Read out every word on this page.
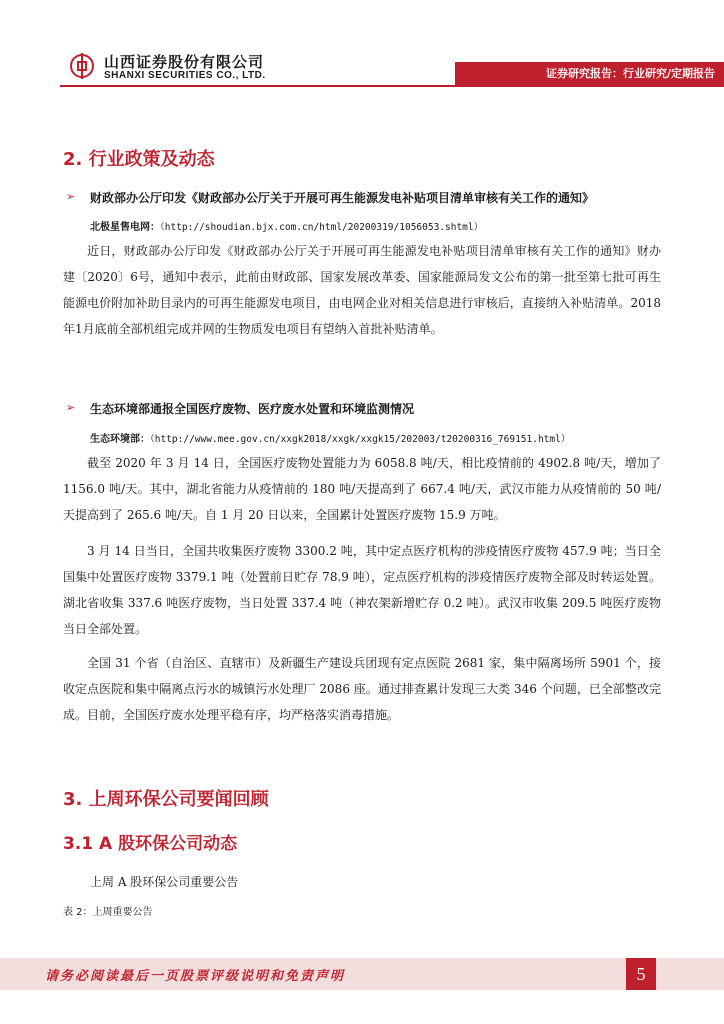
山西证券股份有限公司
SHANXI SECURITIES CO., LTD.	证券研究报告：行业研究/定期报告
2. 行业政策及动态
➢ 财政部办公厅印发《财政部办公厅关于开展可再生能源发电补贴项目清单审核有关工作的通知》
北极星售电网：（http://shoudian.bjx.com.cn/html/20200319/1056053.shtml）
近日，财政部办公厅印发《财政部办公厅关于开展可再生能源发电补贴项目清单审核有关工作的通知》财办建〔2020〕6号，通知中表示，此前由财政部、国家发展改革委、国家能源局发文公布的第一批至第七批可再生能源电价附加补助目录内的可再生能源发电项目，由电网企业对相关信息进行审核后，直接纳入补贴清单。2018年1月底前全部机组完成并网的生物质发电项目有望纳入首批补贴清单。
➢ 生态环境部通报全国医疗废物、医疗废水处置和环境监测情况
生态环境部：（http://www.mee.gov.cn/xxgk2018/xxgk/xxgk15/202003/t20200316_769151.html）
截至 2020 年 3 月 14 日，全国医疗废物处置能力为 6058.8 吨/天，相比疫情前的 4902.8 吨/天，增加了 1156.0 吨/天。其中，湖北省能力从疫情前的 180 吨/天提高到了 667.4 吨/天，武汉市能力从疫情前的 50 吨/天提高到了 265.6 吨/天。自 1 月 20 日以来，全国累计处置医疗废物 15.9 万吨。
3 月 14 日当日，全国共收集医疗废物 3300.2 吨，其中定点医疗机构的涉疫情医疗废物 457.9 吨；当日全国集中处置医疗废物 3379.1 吨（处置前日贮存 78.9 吨），定点医疗机构的涉疫情医疗废物全部及时转运处置。湖北省收集 337.6 吨医疗废物，当日处置 337.4 吨（神农架新增贮存 0.2 吨）。武汉市收集 209.5 吨医疗废物当日全部处置。
全国 31 个省（自治区、直辖市）及新疆生产建设兵团现有定点医院 2681 家，集中隔离场所 5901 个，接收定点医院和集中隔离点污水的城镇污水处理厂 2086 座。通过排查累计发现三大类 346 个问题，已全部整改完成。目前，全国医疗废水处理平稳有序，均严格落实消毒措施。
3. 上周环保公司要闻回顾
3.1 A 股环保公司动态
上周 A 股环保公司重要公告
表 2：上周重要公告
请务必阅读最后一页股票评级说明和免责声明	5
